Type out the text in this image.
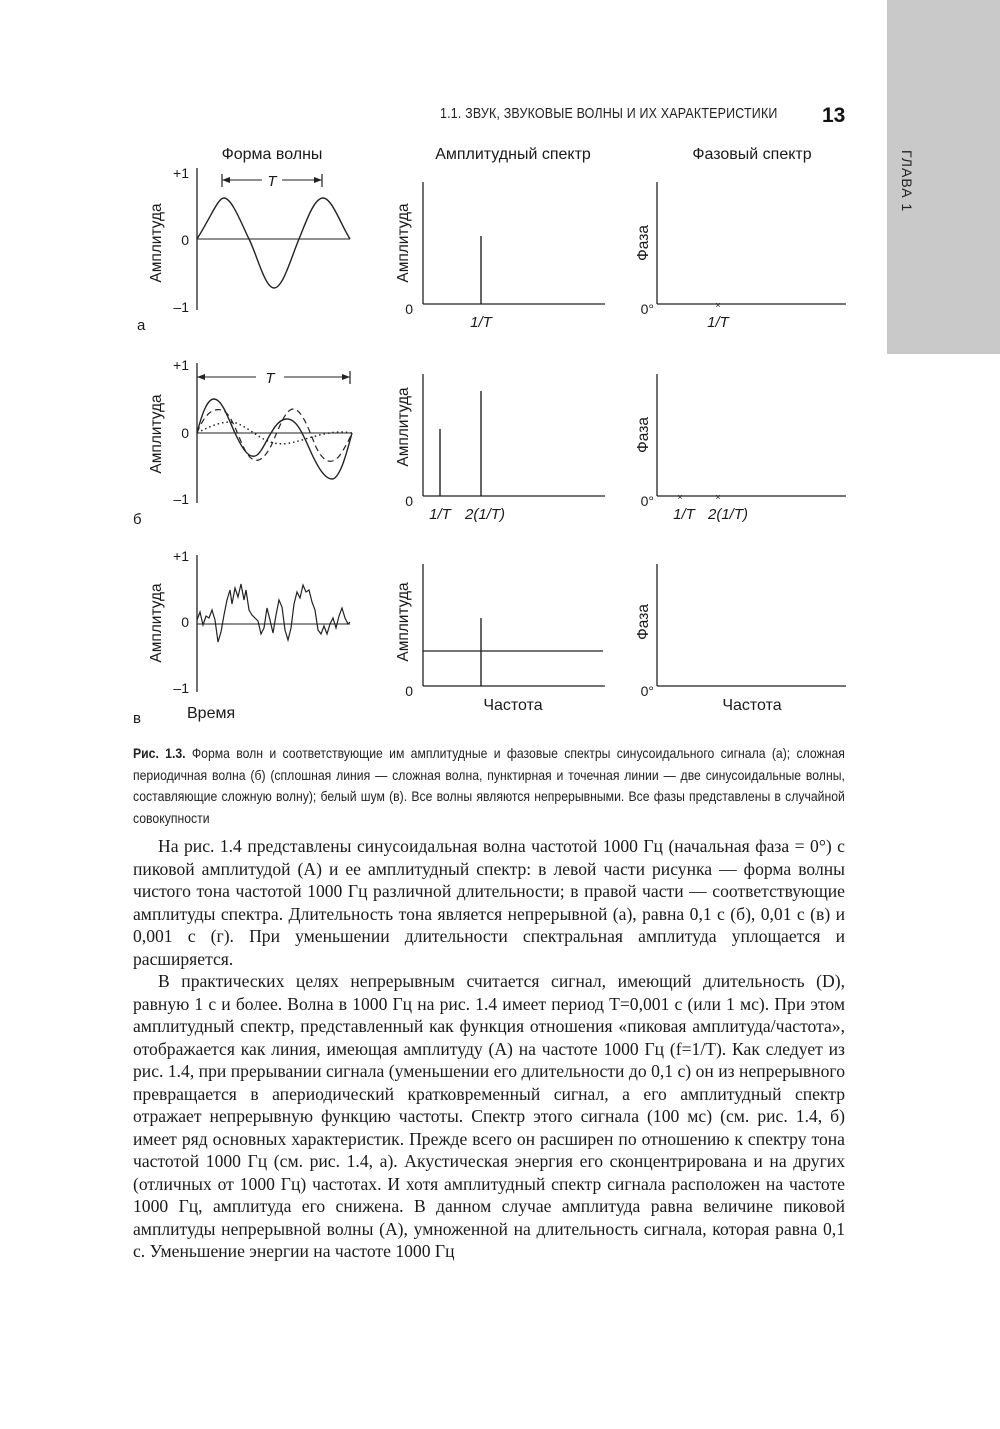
ГЛАВА 1
1.1. ЗВУК, ЗВУКОВЫЕ ВОЛНЫ И ИХ ХАРАКТЕРИСТИКИ 13
Форма волны	Амплитудный спектр	Фазовый спектр
+1
0
–1
Амплитуда
T
а
Амплитуда
0
1/T
Фаза
0°	×
1/T
+1
0
–1
Амплитуда
T
б
Амплитуда
0
1/T 2(1/T)
Фаза
0°	×	×
1/T 2(1/T)
+1
0
–1
Амплитуда
в	Время
Амплитуда
0
Частота
Фаза
0°
Частота
Рис. 1.3. Форма волн и соответствующие им амплитудные и фазовые спектры синусоидального сигнала (а); сложная периодичная волна (б) (сплошная линия — сложная волна, пунктирная и точечная линии — две синусоидальные волны, составляющие сложную волну); белый шум (в). Все волны являются непрерывными. Все фазы представлены в случайной совокупности

На рис. 1.4 представлены синусоидальная волна частотой 1000 Гц (начальная фаза = 0°) с пиковой амплитудой (A) и ее амплитудный спектр: в левой части рисунка — форма волны чистого тона частотой 1000 Гц различной длительности; в правой части — соответствующие амплитуды спектра. Длительность тона является непрерывной (а), равна 0,1 с (б), 0,01 с (в) и 0,001 с (г). При уменьшении длительности спектральная амплитуда уплощается и расширяется.

В практических целях непрерывным считается сигнал, имеющий длительность (D), равную 1 с и более. Волна в 1000 Гц на рис. 1.4 имеет период T=0,001 с (или 1 мс). При этом амплитудный спектр, представленный как функция отношения «пиковая амплитуда/частота», отображается как линия, имеющая амплитуду (A) на частоте 1000 Гц (f=1/T). Как следует из рис. 1.4, при прерывании сигнала (уменьшении его длительности до 0,1 с) он из непрерывного превращается в апериодический кратковременный сигнал, а его амплитудный спектр отражает непрерывную функцию частоты. Спектр этого сигнала (100 мс) (см. рис. 1.4, б) имеет ряд основных характеристик. Прежде всего он расширен по отношению к спектру тона частотой 1000 Гц (см. рис. 1.4, а). Акустическая энергия его сконцентрирована и на других (отличных от 1000 Гц) частотах. И хотя амплитудный спектр сигнала расположен на частоте 1000 Гц, амплитуда его снижена. В данном случае амплитуда равна величине пиковой амплитуды непрерывной волны (A), умноженной на длительность сигнала, которая равна 0,1 с. Уменьшение энергии на частоте 1000 Гц
